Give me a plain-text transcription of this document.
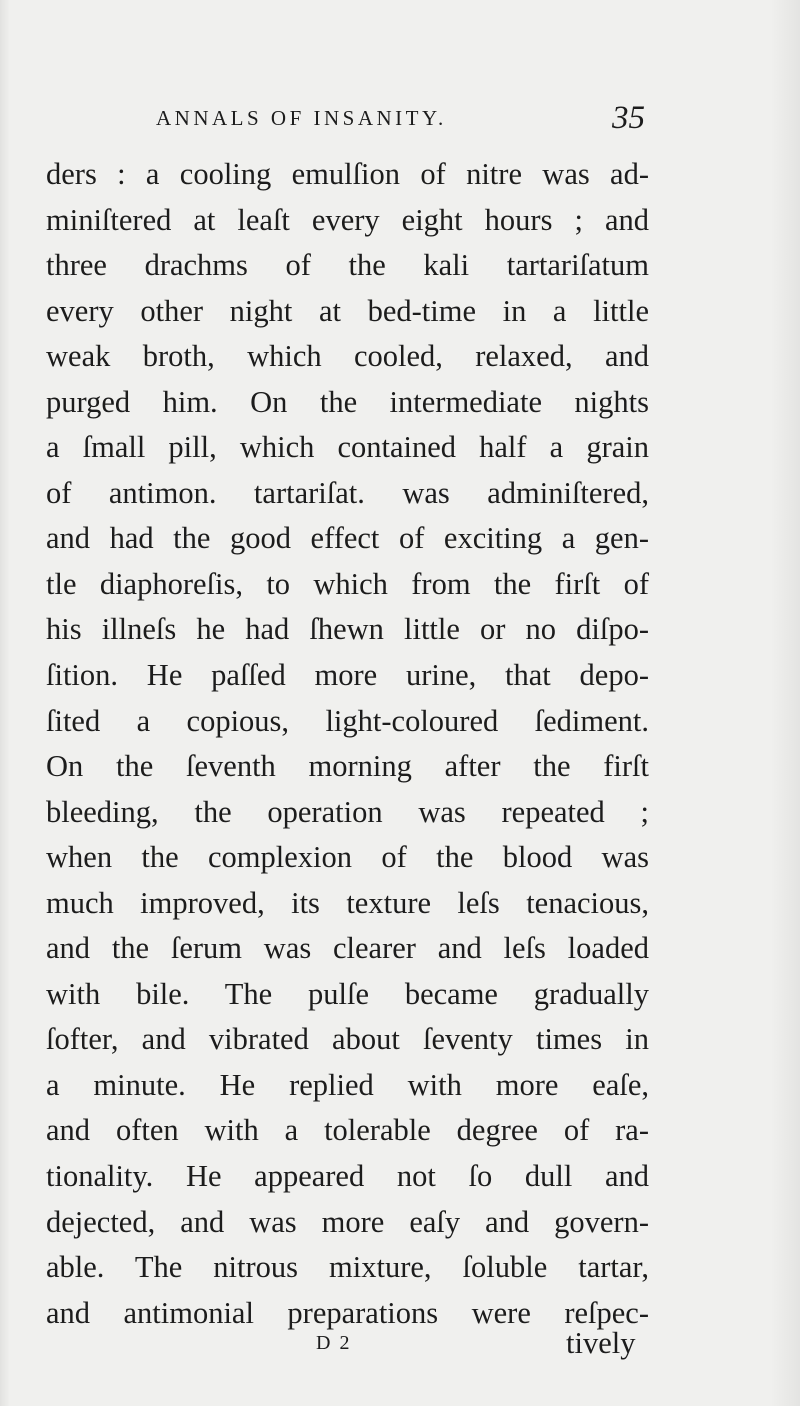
ANNALS OF INSANITY.	35
ders : a cooling emulſion of nitre was ad-
miniſtered at leaſt every eight hours ; and
three drachms of the kali tartariſatum
every other night at bed-time in a little
weak broth, which cooled, relaxed, and
purged him. On the intermediate nights
a ſmall pill, which contained half a grain
of antimon. tartariſat. was adminiſtered,
and had the good effect of exciting a gen-
tle diaphoreſis, to which from the firſt of
his illneſs he had ſhewn little or no diſpo-
ſition. He paſſed more urine, that depo-
ſited a copious, light-coloured ſediment.
On the ſeventh morning after the firſt
bleeding, the operation was repeated ;
when the complexion of the blood was
much improved, its texture leſs tenacious,
and the ſerum was clearer and leſs loaded
with bile. The pulſe became gradually
ſofter, and vibrated about ſeventy times in
a minute. He replied with more eaſe,
and often with a tolerable degree of ra-
tionality. He appeared not ſo dull and
dejected, and was more eaſy and govern-
able. The nitrous mixture, ſoluble tartar,
and antimonial preparations were reſpec-
D 2	tively
